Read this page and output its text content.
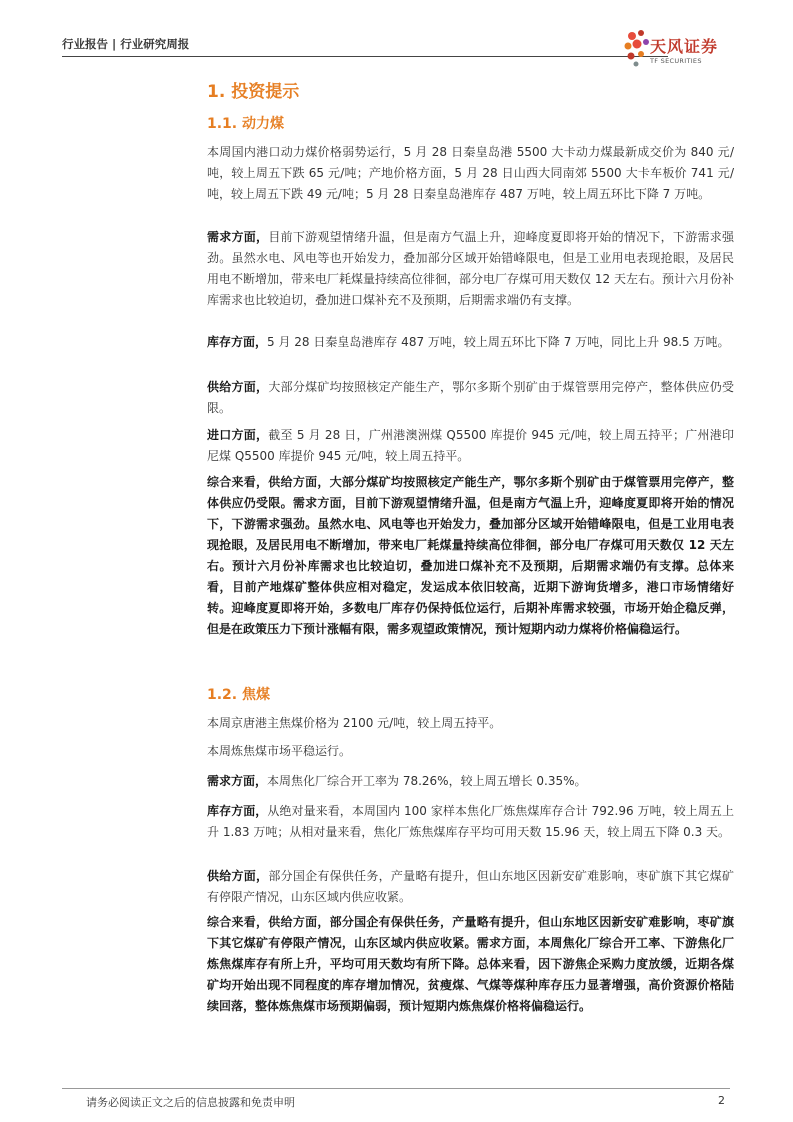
行业报告 | 行业研究周报	天风证券
TF SECURITIES
1. 投资提示
1.1. 动力煤

本周国内港口动力煤价格弱势运行，5 月 28 日秦皇岛港 5500 大卡动力煤最新成交价为 840 元/吨，较上周五下跌 65 元/吨；产地价格方面，5 月 28 日山西大同南郊 5500 大卡车板价 741 元/吨，较上周五下跌 49 元/吨；5 月 28 日秦皇岛港库存 487 万吨，较上周五环比下降 7 万吨。

需求方面，目前下游观望情绪升温，但是南方气温上升，迎峰度夏即将开始的情况下，下游需求强劲。虽然水电、风电等也开始发力，叠加部分区域开始错峰限电，但是工业用电表现抢眼，及居民用电不断增加，带来电厂耗煤量持续高位徘徊，部分电厂存煤可用天数仅 12 天左右。预计六月份补库需求也比较迫切，叠加进口煤补充不及预期，后期需求端仍有支撑。

库存方面，5 月 28 日秦皇岛港库存 487 万吨，较上周五环比下降 7 万吨，同比上升 98.5 万吨。

供给方面，大部分煤矿均按照核定产能生产，鄂尔多斯个别矿由于煤管票用完停产，整体供应仍受限。

进口方面，截至 5 月 28 日，广州港澳洲煤 Q5500 库提价 945 元/吨，较上周五持平；广州港印尼煤 Q5500 库提价 945 元/吨，较上周五持平。

综合来看，供给方面，大部分煤矿均按照核定产能生产，鄂尔多斯个别矿由于煤管票用完停产，整体供应仍受限。需求方面，目前下游观望情绪升温，但是南方气温上升，迎峰度夏即将开始的情况下，下游需求强劲。虽然水电、风电等也开始发力，叠加部分区域开始错峰限电，但是工业用电表现抢眼，及居民用电不断增加，带来电厂耗煤量持续高位徘徊，部分电厂存煤可用天数仅 12 天左右。预计六月份补库需求也比较迫切，叠加进口煤补充不及预期，后期需求端仍有支撑。总体来看，目前产地煤矿整体供应相对稳定，发运成本依旧较高，近期下游询货增多，港口市场情绪好转。迎峰度夏即将开始，多数电厂库存仍保持低位运行，后期补库需求较强，市场开始企稳反弹，但是在政策压力下预计涨幅有限，需多观望政策情况，预计短期内动力煤将价格偏稳运行。

1.2. 焦煤

本周京唐港主焦煤价格为 2100 元/吨，较上周五持平。

本周炼焦煤市场平稳运行。

需求方面，本周焦化厂综合开工率为 78.26%，较上周五增长 0.35%。

库存方面，从绝对量来看，本周国内 100 家样本焦化厂炼焦煤库存合计 792.96 万吨，较上周五上升 1.83 万吨；从相对量来看，焦化厂炼焦煤库存平均可用天数 15.96 天，较上周五下降 0.3 天。

供给方面，部分国企有保供任务，产量略有提升，但山东地区因新安矿难影响，枣矿旗下其它煤矿有停限产情况，山东区域内供应收紧。

综合来看，供给方面，部分国企有保供任务，产量略有提升，但山东地区因新安矿难影响，枣矿旗下其它煤矿有停限产情况，山东区域内供应收紧。需求方面，本周焦化厂综合开工率、下游焦化厂炼焦煤库存有所上升，平均可用天数均有所下降。总体来看，因下游焦企采购力度放缓，近期各煤矿均开始出现不同程度的库存增加情况，贫瘦煤、气煤等煤种库存压力显著增强，高价资源价格陆续回落，整体炼焦煤市场预期偏弱，预计短期内炼焦煤价格将偏稳运行。

请务必阅读正文之后的信息披露和免责申明	2
